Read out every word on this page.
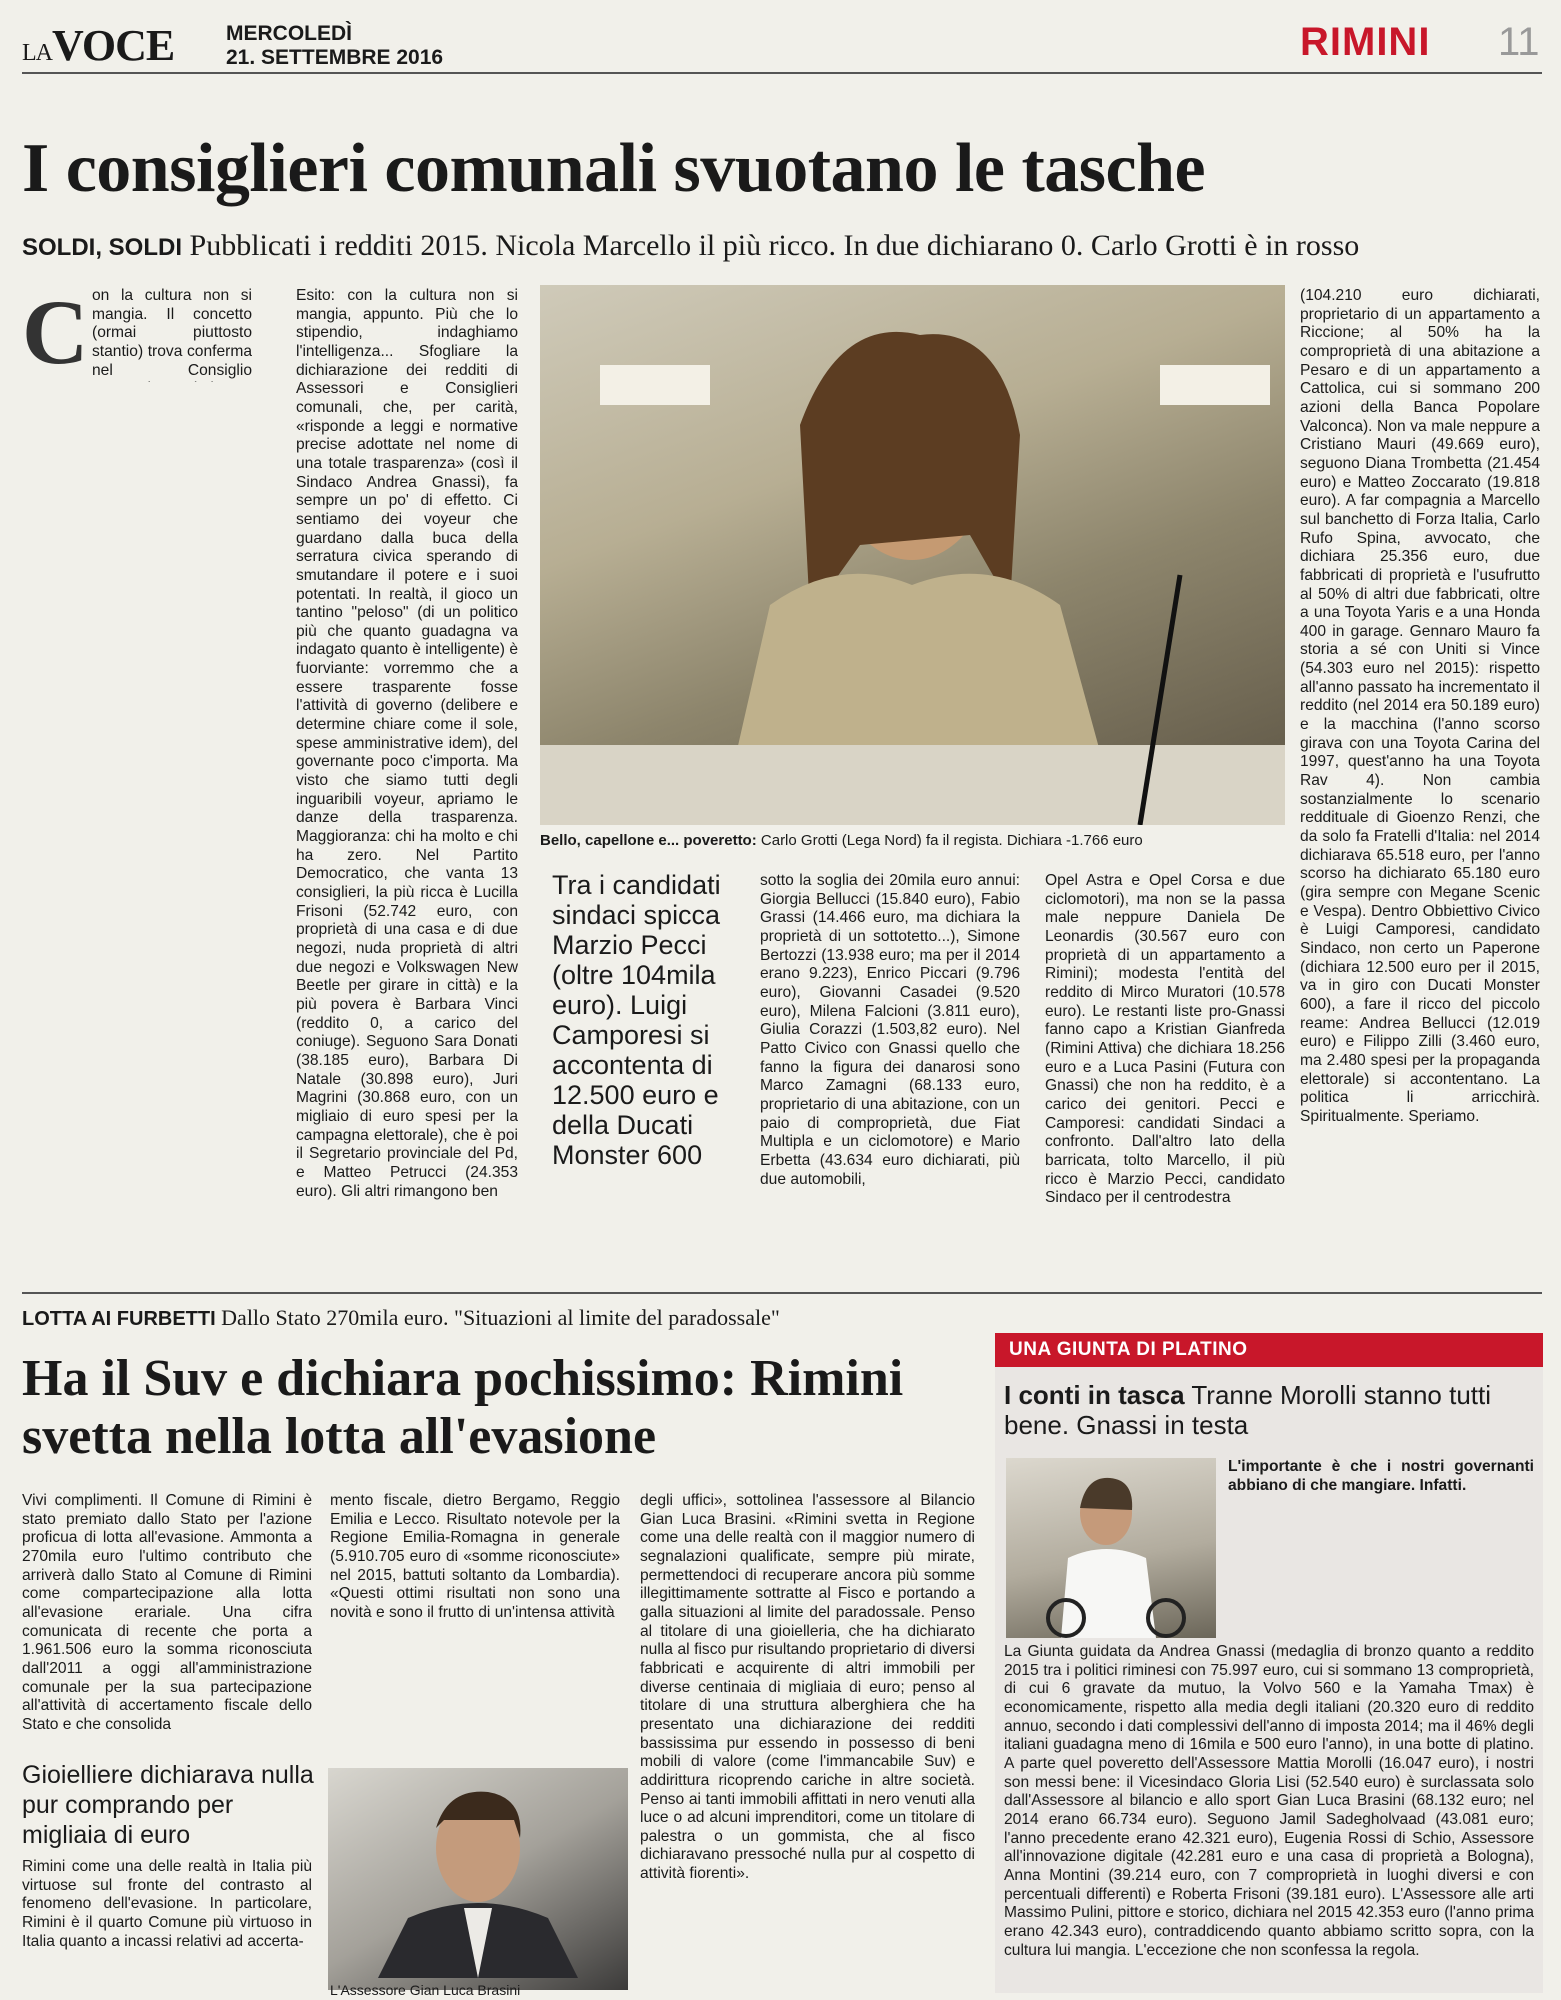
LAVOCE MERCOLEDÌ
21. SETTEMBRE 2016	RIMINI 11
I consiglieri comunali svuotano le tasche
SOLDI, SOLDI Pubblicati i redditi 2015. Nicola Marcello il più ricco. In due dichiarano 0. Carlo Grotti è in rosso
C on la cultura non si mangia. Il concetto (ormai piuttosto stantio) trova conferma nel Consiglio

Esito: con la cultura non si mangia, appunto. Più che lo stipendio, indaghiamo l'intelligenza... Sfogliare la dichiarazione dei redditi di Assessori e Consiglieri comunali, che, per carità, «risponde a leggi e normative precise adottate nel nome di una totale trasparenza» (così il Sindaco Andrea Gnassi), fa sempre un po' di effetto. Ci sentiamo dei voyeur che guardano dalla buca della serratura civica sperando di smutandare il potere e i suoi potentati. In realtà, il gioco un tantino "peloso" (di un politico più che quanto guadagna va indagato quanto è intelligente) è fuorviante: vorremmo che a essere trasparente fosse l'attività di governo (delibere e determine chiare come il sole, spese amministrative idem), del governante poco c'importa. Ma visto che siamo tutti degli inguaribili voyeur, apriamo le danze della trasparenza. Maggioranza: chi ha molto e chi ha zero. Nel Partito Democratico, che vanta 13 consiglieri, la più ricca è Lucilla Frisoni (52.742 euro, con proprietà di una casa e di due negozi, nuda proprietà di altri due negozi e Volkswagen New Beetle per girare in città) e la più povera è Barbara Vinci (reddito 0, a carico del coniuge). Seguono Sara Donati (38.185 euro), Barbara Di Natale (30.898 euro), Juri Magrini (30.868 euro, con un migliaio di euro spesi per la campagna elettorale), che è poi il Segretario provinciale del Pd, e Matteo Petrucci (24.353 euro). Gli altri rimangono ben

Bello, capellone e... poveretto: Carlo Grotti (Lega Nord) fa il regista. Dichiara -1.766 euro
Tra i candidati sindaci spicca Marzio Pecci (oltre 104mila euro). Luigi Camporesi si accontenta di 12.500 euro e della Ducati Monster 600

sotto la soglia dei 20mila euro annui: Giorgia Bellucci (15.840 euro), Fabio Grassi (14.466 euro, ma dichiara la proprietà di un sottotetto...), Simone Bertozzi (13.938 euro; ma per il 2014 erano 9.223), Enrico Piccari (9.796 euro), Giovanni Casadei (9.520 euro), Milena Falcioni (3.811 euro), Giulia Corazzi (1.503,82 euro). Nel Patto Civico con Gnassi quello che fanno la figura dei danarosi sono Marco Zamagni (68.133 euro, proprietario di una abitazione, con un paio di comproprietà, due Fiat Multipla e un ciclomotore) e Mario Erbetta (43.634 euro dichiarati, più due automobili,

Opel Astra e Opel Corsa e due ciclomotori), ma non se la passa male neppure Daniela De Leonardis (30.567 euro con proprietà di un appartamento a Rimini); modesta l'entità del reddito di Mirco Muratori (10.578 euro). Le restanti liste pro-Gnassi fanno capo a Kristian Gianfreda (Rimini Attiva) che dichiara 18.256 euro e a Luca Pasini (Futura con Gnassi) che non ha reddito, è a carico dei genitori. Pecci e Camporesi: candidati Sindaci a confronto. Dall'altro lato della barricata, tolto Marcello, il più ricco è Marzio Pecci, candidato Sindaco per il centrodestra

(104.210 euro dichiarati, proprietario di un appartamento a Riccione; al 50% ha la comproprietà di una abitazione a Pesaro e di un appartamento a Cattolica, cui si sommano 200 azioni della Banca Popolare Valconca). Non va male neppure a Cristiano Mauri (49.669 euro), seguono Diana Trombetta (21.454 euro) e Matteo Zoccarato (19.818 euro). A far compagnia a Marcello sul banchetto di Forza Italia, Carlo Rufo Spina, avvocato, che dichiara 25.356 euro, due fabbricati di proprietà e l'usufrutto al 50% di altri due fabbricati, oltre a una Toyota Yaris e a una Honda 400 in garage. Gennaro Mauro fa storia a sé con Uniti si Vince (54.303 euro nel 2015): rispetto all'anno passato ha incrementato il reddito (nel 2014 era 50.189 euro) e la macchina (l'anno scorso girava con una Toyota Carina del 1997, quest'anno ha una Toyota Rav 4). Non cambia sostanzialmente lo scenario reddituale di Gioenzo Renzi, che da solo fa Fratelli d'Italia: nel 2014 dichiarava 65.518 euro, per l'anno scorso ha dichiarato 65.180 euro (gira sempre con Megane Scenic e Vespa). Dentro Obbiettivo Civico è Luigi Camporesi, candidato Sindaco, non certo un Paperone (dichiara 12.500 euro per il 2015, va in giro con Ducati Monster 600), a fare il ricco del piccolo reame: Andrea Bellucci (12.019 euro) e Filippo Zilli (3.460 euro, ma 2.480 spesi per la propaganda elettorale) si accontentano. La politica li arricchirà. Spiritualmente. Speriamo.

LOTTA AI FURBETTI Dallo Stato 270mila euro. "Situazioni al limite del paradossale"
Ha il Suv e dichiara pochissimo: Rimini svetta nella lotta all'evasione

Vivi complimenti. Il Comune di Rimini è stato premiato dallo Stato per l'azione proficua di lotta all'evasione. Ammonta a 270mila euro l'ultimo contributo che arriverà dallo Stato al Comune di Rimini come compartecipazione alla lotta all'evasione erariale. Una cifra comunicata di recente che porta a 1.961.506 euro la somma riconosciuta dall'2011 a oggi all'amministrazione comunale per la sua partecipazione all'attività di accertamento fiscale dello Stato e che consolida

Gioielliere dichiarava nulla pur comprando per migliaia di euro

Rimini come una delle realtà in Italia più virtuose sul fronte del contrasto al fenomeno dell'evasione. In particolare, Rimini è il quarto Comune più virtuoso in Italia quanto a incassi relativi ad accerta-

mento fiscale, dietro Bergamo, Reggio Emilia e Lecco. Risultato notevole per la Regione Emilia-Romagna in generale (5.910.705 euro di «somme riconosciute» nel 2015, battuti soltanto da Lombardia). «Questi ottimi risultati non sono una novità e sono il frutto di un'intensa attività

L'Assessore Gian Luca Brasini

degli uffici», sottolinea l'assessore al Bilancio Gian Luca Brasini. «Rimini svetta in Regione come una delle realtà con il maggior numero di segnalazioni qualificate, sempre più mirate, permettendoci di recuperare ancora più somme illegittimamente sottratte al Fisco e portando a galla situazioni al limite del paradossale. Penso al titolare di una gioielleria, che ha dichiarato nulla al fisco pur risultando proprietario di diversi fabbricati e acquirente di altri immobili per diverse centinaia di migliaia di euro; penso al titolare di una struttura alberghiera che ha presentato una dichiarazione dei redditi bassissima pur essendo in possesso di beni mobili di valore (come l'immancabile Suv) e addirittura ricoprendo cariche in altre società. Penso ai tanti immobili affittati in nero venuti alla luce o ad alcuni imprenditori, come un titolare di palestra o un gommista, che al fisco dichiaravano pressoché nulla pur al cospetto di attività fiorenti».

UNA GIUNTA DI PLATINO
I conti in tasca Tranne Morolli stanno tutti bene. Gnassi in testa

L'importante è che i nostri governanti abbiano di che mangiare. Infatti.

La Giunta guidata da Andrea Gnassi (medaglia di bronzo quanto a reddito 2015 tra i politici riminesi con 75.997 euro, cui si sommano 13 comproprietà, di cui 6 gravate da mutuo, la Volvo 560 e la Yamaha Tmax) è economicamente, rispetto alla media degli italiani (20.320 euro di reddito annuo, secondo i dati complessivi dell'anno di imposta 2014; ma il 46% degli italiani guadagna meno di 16mila e 500 euro l'anno), in una botte di platino. A parte quel poveretto dell'Assessore Mattia Morolli (16.047 euro), i nostri son messi bene: il Vicesindaco Gloria Lisi (52.540 euro) è surclassata solo dall'Assessore al bilancio e allo sport Gian Luca Brasini (68.132 euro; nel 2014 erano 66.734 euro). Seguono Jamil Sadegholvaad (43.081 euro; l'anno precedente erano 42.321 euro), Eugenia Rossi di Schio, Assessore all'innovazione digitale (42.281 euro e una casa di proprietà a Bologna), Anna Montini (39.214 euro, con 7 comproprietà in luoghi diversi e con percentuali differenti) e Roberta Frisoni (39.181 euro). L'Assessore alle arti Massimo Pulini, pittore e storico, dichiara nel 2015 42.353 euro (l'anno prima erano 42.343 euro), contraddicendo quanto abbiamo scritto sopra, con la cultura lui mangia. L'eccezione che non sconfessa la regola.
